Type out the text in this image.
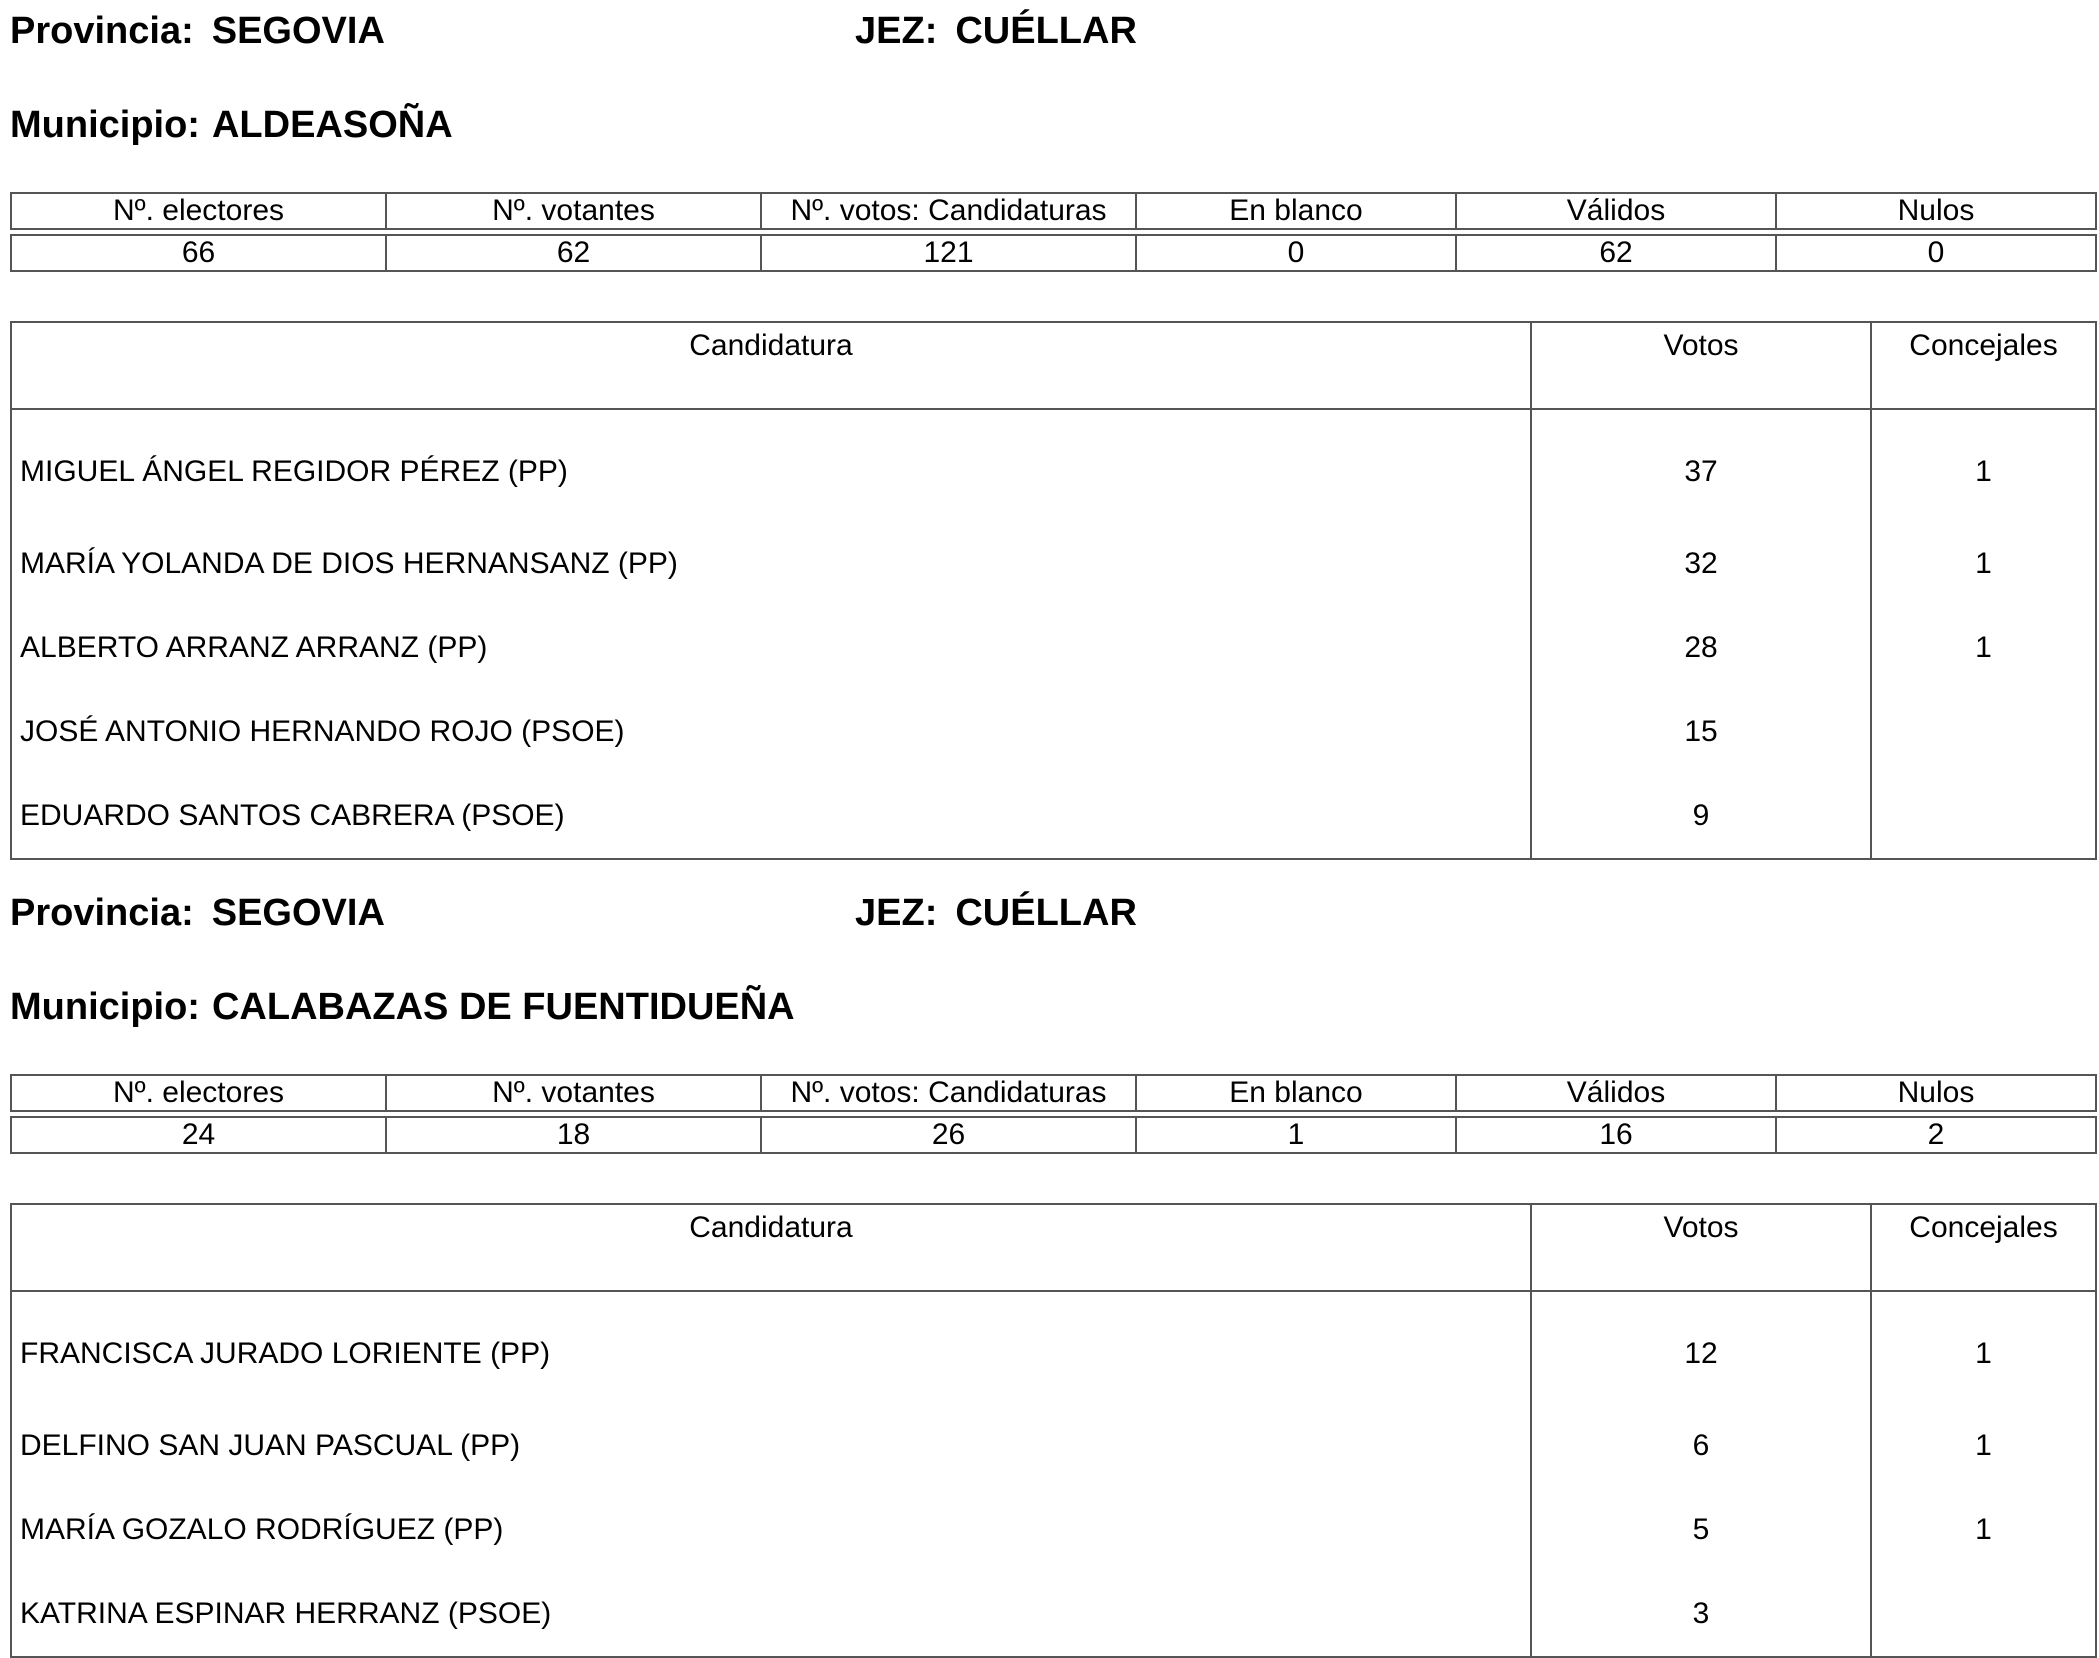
Provincia: SEGOVIA	JEZ: CUÉLLAR
Municipio: ALDEASOÑA
Nº. electores	Nº. votantes	Nº. votos: Candidaturas	En blanco	Válidos	Nulos
66	62	121	0	62	0
Candidatura	Votos	Concejales
MIGUEL ÁNGEL REGIDOR PÉREZ (PP)	37	1
MARÍA YOLANDA DE DIOS HERNANSANZ (PP)	32	1
ALBERTO ARRANZ ARRANZ (PP)	28	1
JOSÉ ANTONIO HERNANDO ROJO (PSOE)	15	
EDUARDO SANTOS CABRERA (PSOE)	9	
Provincia: SEGOVIA	JEZ: CUÉLLAR
Municipio: CALABAZAS DE FUENTIDUEÑA
Nº. electores	Nº. votantes	Nº. votos: Candidaturas	En blanco	Válidos	Nulos
24	18	26	1	16	2
Candidatura	Votos	Concejales
FRANCISCA JURADO LORIENTE (PP)	12	1
DELFINO SAN JUAN PASCUAL (PP)	6	1
MARÍA GOZALO RODRÍGUEZ (PP)	5	1
KATRINA ESPINAR HERRANZ (PSOE)	3	
